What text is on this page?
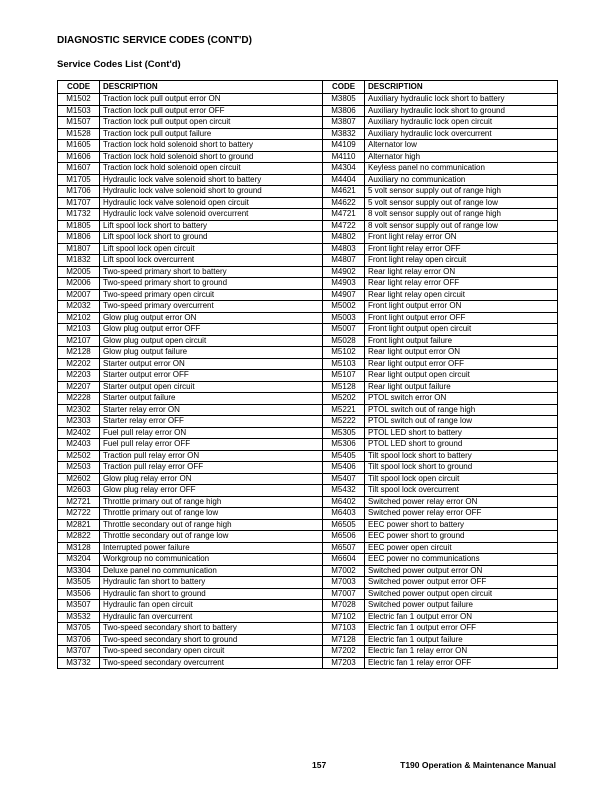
DIAGNOSTIC SERVICE CODES (CONT'D)
Service Codes List (Cont'd)
CODE	DESCRIPTION	CODE	DESCRIPTION
M1502	Traction lock pull output error ON	M3805	Auxiliary hydraulic lock short to battery
M1503	Traction lock pull output error OFF	M3806	Auxiliary hydraulic lock short to ground
M1507	Traction lock pull output open circuit	M3807	Auxiliary hydraulic lock open circuit
M1528	Traction lock pull output failure	M3832	Auxiliary hydraulic lock overcurrent
M1605	Traction lock hold solenoid short to battery	M4109	Alternator low
M1606	Traction lock hold solenoid short to ground	M4110	Alternator high
M1607	Traction lock hold solenoid open circuit	M4304	Keyless panel no communication
M1705	Hydraulic lock valve solenoid short to battery	M4404	Auxiliary no communication
M1706	Hydraulic lock valve solenoid short to ground	M4621	5 volt sensor supply out of range high
M1707	Hydraulic lock valve solenoid open circuit	M4622	5 volt sensor supply out of range low
M1732	Hydraulic lock valve solenoid overcurrent	M4721	8 volt sensor supply out of range high
M1805	Lift spool lock short to battery	M4722	8 volt sensor supply out of range low
M1806	Lift spool lock short to ground	M4802	Front light relay error ON
M1807	Lift spool lock open circuit	M4803	Front light relay error OFF
M1832	Lift spool lock overcurrent	M4807	Front light relay open circuit
M2005	Two-speed primary short to battery	M4902	Rear light relay error ON
M2006	Two-speed primary short to ground	M4903	Rear light relay error OFF
M2007	Two-speed primary open circuit	M4907	Rear light relay open circuit
M2032	Two-speed primary overcurrent	M5002	Front light output error ON
M2102	Glow plug output error ON	M5003	Front light output error OFF
M2103	Glow plug output error OFF	M5007	Front light output open circuit
M2107	Glow plug output open circuit	M5028	Front light output failure
M2128	Glow plug output failure	M5102	Rear light output error ON
M2202	Starter output error ON	M5103	Rear light output error OFF
M2203	Starter output error OFF	M5107	Rear light output open circuit
M2207	Starter output open circuit	M5128	Rear light output failure
M2228	Starter output failure	M5202	PTOL switch error ON
M2302	Starter relay error ON	M5221	PTOL switch out of range high
M2303	Starter relay error OFF	M5222	PTOL switch out of range low
M2402	Fuel pull relay error ON	M5305	PTOL LED short to battery
M2403	Fuel pull relay error OFF	M5306	PTOL LED short to ground
M2502	Traction pull relay error ON	M5405	Tilt spool lock short to battery
M2503	Traction pull relay error OFF	M5406	Tilt spool lock short to ground
M2602	Glow plug relay error ON	M5407	Tilt spool lock open circuit
M2603	Glow plug relay error OFF	M5432	Tilt spool lock overcurrent
M2721	Throttle primary out of range high	M6402	Switched power relay error ON
M2722	Throttle primary out of range low	M6403	Switched power relay error OFF
M2821	Throttle secondary out of range high	M6505	EEC power short to battery
M2822	Throttle secondary out of range low	M6506	EEC power short to ground
M3128	Interrupted power failure	M6507	EEC power open circuit
M3204	Workgroup no communication	M6604	EEC power no communications
M3304	Deluxe panel no communication	M7002	Switched power output error ON
M3505	Hydraulic fan short to battery	M7003	Switched power output error OFF
M3506	Hydraulic fan short to ground	M7007	Switched power output open circuit
M3507	Hydraulic fan open circuit	M7028	Switched power output failure
M3532	Hydraulic fan overcurrent	M7102	Electric fan 1 output error ON
M3705	Two-speed secondary short to battery	M7103	Electric fan 1 output error OFF
M3706	Two-speed secondary short to ground	M7128	Electric fan 1 output failure
M3707	Two-speed secondary open circuit	M7202	Electric fan 1 relay error ON
M3732	Two-speed secondary overcurrent	M7203	Electric fan 1 relay error OFF
157	T190 Operation & Maintenance Manual
